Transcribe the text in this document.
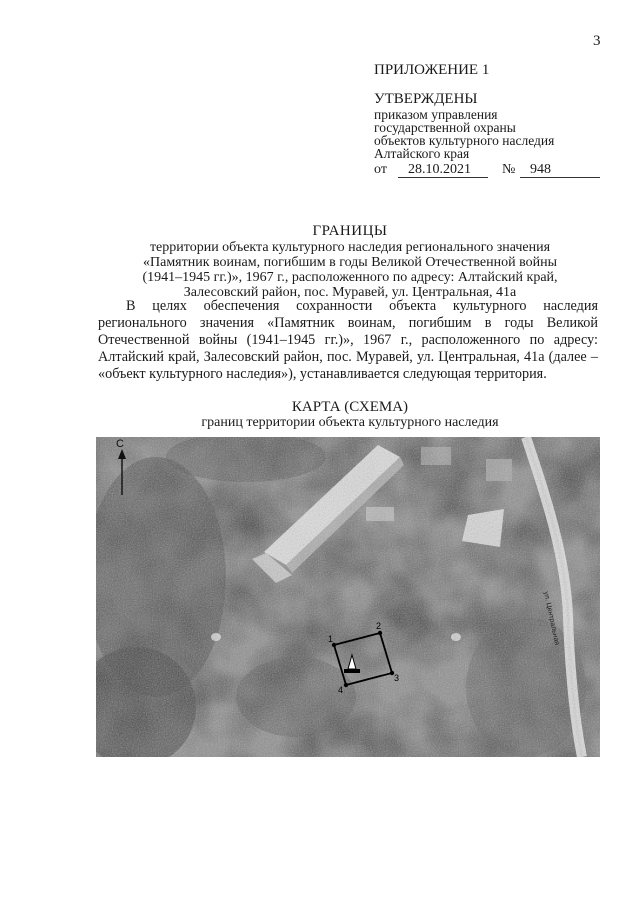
3
ПРИЛОЖЕНИЕ 1
УТВЕРЖДЕНЫ
приказом управления
государственной охраны
объектов культурного наследия
Алтайского края
от 28.10.2021 № 948
ГРАНИЦЫ
территории объекта культурного наследия регионального значения
«Памятник воинам, погибшим в годы Великой Отечественной войны
(1941–1945 гг.)», 1967 г., расположенного по адресу: Алтайский край,
Залесовский район, пос. Муравей, ул. Центральная, 41а

В целях обеспечения сохранности объекта культурного наследия регионального значения «Памятник воинам, погибшим в годы Великой Отечественной войны (1941–1945 гг.)», 1967 г., расположенного по адресу: Алтайский край, Залесовский район, пос. Муравей, ул. Центральная, 41а (далее – «объект культурного наследия»), устанавливается следующая территория.

КАРТА (СХЕМА)
границ территории объекта культурного наследия
С
ул. Центральная
1
2
3
4
